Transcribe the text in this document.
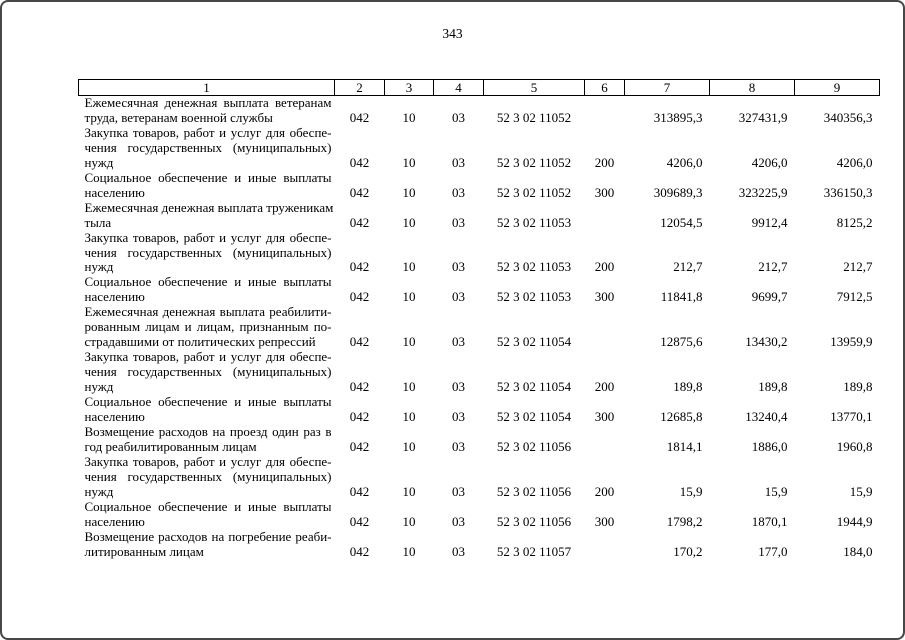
343
1	2	3	4	5	6	7	8	9

Ежемесячная денежная выплата ветеранам
труда, ветеранам военной службы	042	10	03	52 3 02 11052		313895,3	327431,9	340356,3

Закупка товаров, работ и услуг для обеспе-
чения государственных (муниципальных)
нужд	042	10	03	52 3 02 11052	200	4206,0	4206,0	4206,0

Социальное обеспечение и иные выплаты
населению	042	10	03	52 3 02 11052	300	309689,3	323225,9	336150,3

Ежемесячная денежная выплата труженикам
тыла	042	10	03	52 3 02 11053		12054,5	9912,4	8125,2

Закупка товаров, работ и услуг для обеспе-
чения государственных (муниципальных)
нужд	042	10	03	52 3 02 11053	200	212,7	212,7	212,7

Социальное обеспечение и иные выплаты
населению	042	10	03	52 3 02 11053	300	11841,8	9699,7	7912,5

Ежемесячная денежная выплата реабилити-
рованным лицам и лицам, признанным по-
страдавшими от политических репрессий	042	10	03	52 3 02 11054		12875,6	13430,2	13959,9

Закупка товаров, работ и услуг для обеспе-
чения государственных (муниципальных)
нужд	042	10	03	52 3 02 11054	200	189,8	189,8	189,8

Социальное обеспечение и иные выплаты
населению	042	10	03	52 3 02 11054	300	12685,8	13240,4	13770,1

Возмещение расходов на проезд один раз в
год реабилитированным лицам	042	10	03	52 3 02 11056		1814,1	1886,0	1960,8

Закупка товаров, работ и услуг для обеспе-
чения государственных (муниципальных)
нужд	042	10	03	52 3 02 11056	200	15,9	15,9	15,9

Социальное обеспечение и иные выплаты
населению	042	10	03	52 3 02 11056	300	1798,2	1870,1	1944,9

Возмещение расходов на погребение реаби-
литированным лицам	042	10	03	52 3 02 11057		170,2	177,0	184,0
